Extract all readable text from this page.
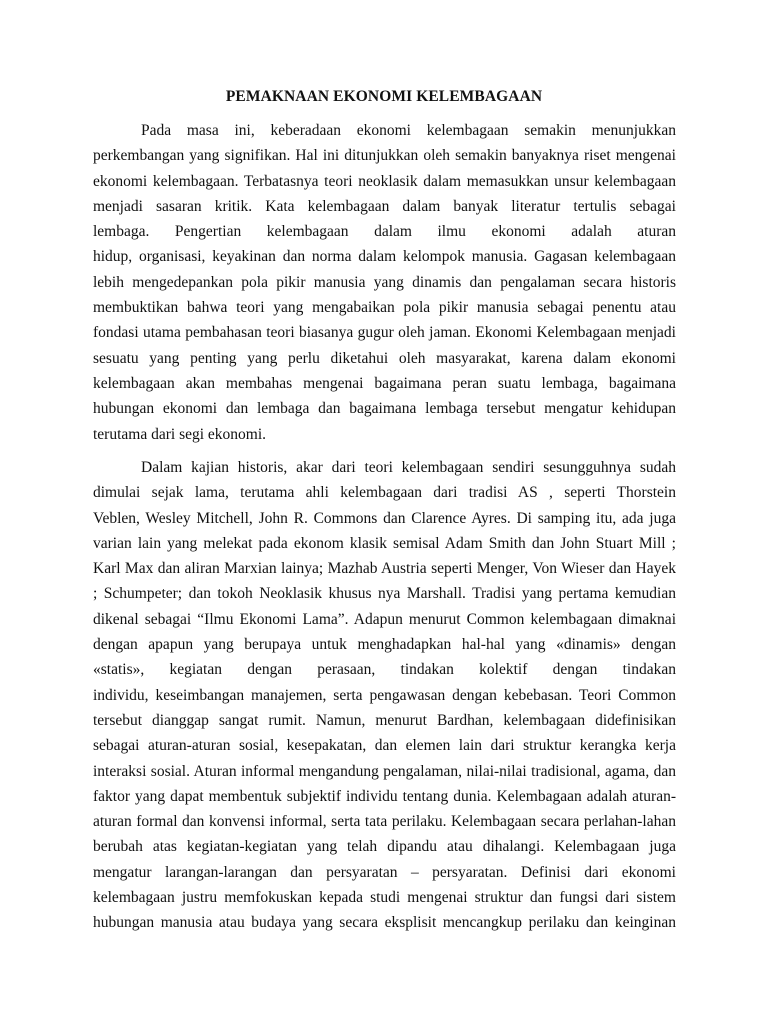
PEMAKNAAN EKONOMI KELEMBAGAAN
Pada masa ini, keberadaan ekonomi kelembagaan semakin menunjukkan
perkembangan yang signifikan. Hal ini ditunjukkan oleh semakin banyaknya riset mengenai
ekonomi kelembagaan. Terbatasnya teori neoklasik dalam memasukkan unsur kelembagaan
menjadi sasaran kritik. Kata kelembagaan dalam banyak literatur tertulis sebagai
lembaga. Pengertian kelembagaan dalam ilmu ekonomi adalah aturan
hidup, organisasi, keyakinan dan norma dalam kelompok manusia. Gagasan kelembagaan
lebih mengedepankan pola pikir manusia yang dinamis dan pengalaman secara historis
membuktikan bahwa teori yang mengabaikan pola pikir manusia sebagai penentu atau
fondasi utama pembahasan teori biasanya gugur oleh jaman. Ekonomi Kelembagaan menjadi
sesuatu yang penting yang perlu diketahui oleh masyarakat, karena dalam ekonomi
kelembagaan akan membahas mengenai bagaimana peran suatu lembaga, bagaimana
hubungan ekonomi dan lembaga dan bagaimana lembaga tersebut mengatur kehidupan
terutama dari segi ekonomi.
Dalam kajian historis, akar dari teori kelembagaan sendiri sesungguhnya sudah
dimulai sejak lama, terutama ahli kelembagaan dari tradisi AS , seperti Thorstein
Veblen, Wesley Mitchell, John R. Commons dan Clarence Ayres. Di samping itu, ada juga
varian lain yang melekat pada ekonom klasik semisal Adam Smith dan John Stuart Mill ;
Karl Max dan aliran Marxian lainya; Mazhab Austria seperti Menger, Von Wieser dan Hayek
; Schumpeter; dan tokoh Neoklasik khusus nya Marshall. Tradisi yang pertama kemudian
dikenal sebagai “Ilmu Ekonomi Lama”. Adapun menurut Common kelembagaan dimaknai
dengan apapun yang berupaya untuk menghadapkan hal-hal yang «dinamis» dengan
«statis», kegiatan dengan perasaan, tindakan kolektif dengan tindakan
individu, keseimbangan manajemen, serta pengawasan dengan kebebasan. Teori Common
tersebut dianggap sangat rumit. Namun, menurut Bardhan, kelembagaan didefinisikan
sebagai aturan-aturan sosial, kesepakatan, dan elemen lain dari struktur kerangka kerja
interaksi sosial. Aturan informal mengandung pengalaman, nilai-nilai tradisional, agama, dan
faktor yang dapat membentuk subjektif individu tentang dunia. Kelembagaan adalah aturan-
aturan formal dan konvensi informal, serta tata perilaku. Kelembagaan secara perlahan-lahan
berubah atas kegiatan-kegiatan yang telah dipandu atau dihalangi. Kelembagaan juga
mengatur larangan-larangan dan persyaratan – persyaratan. Definisi dari ekonomi
kelembagaan justru memfokuskan kepada studi mengenai struktur dan fungsi dari sistem
hubungan manusia atau budaya yang secara eksplisit mencangkup perilaku dan keinginan
